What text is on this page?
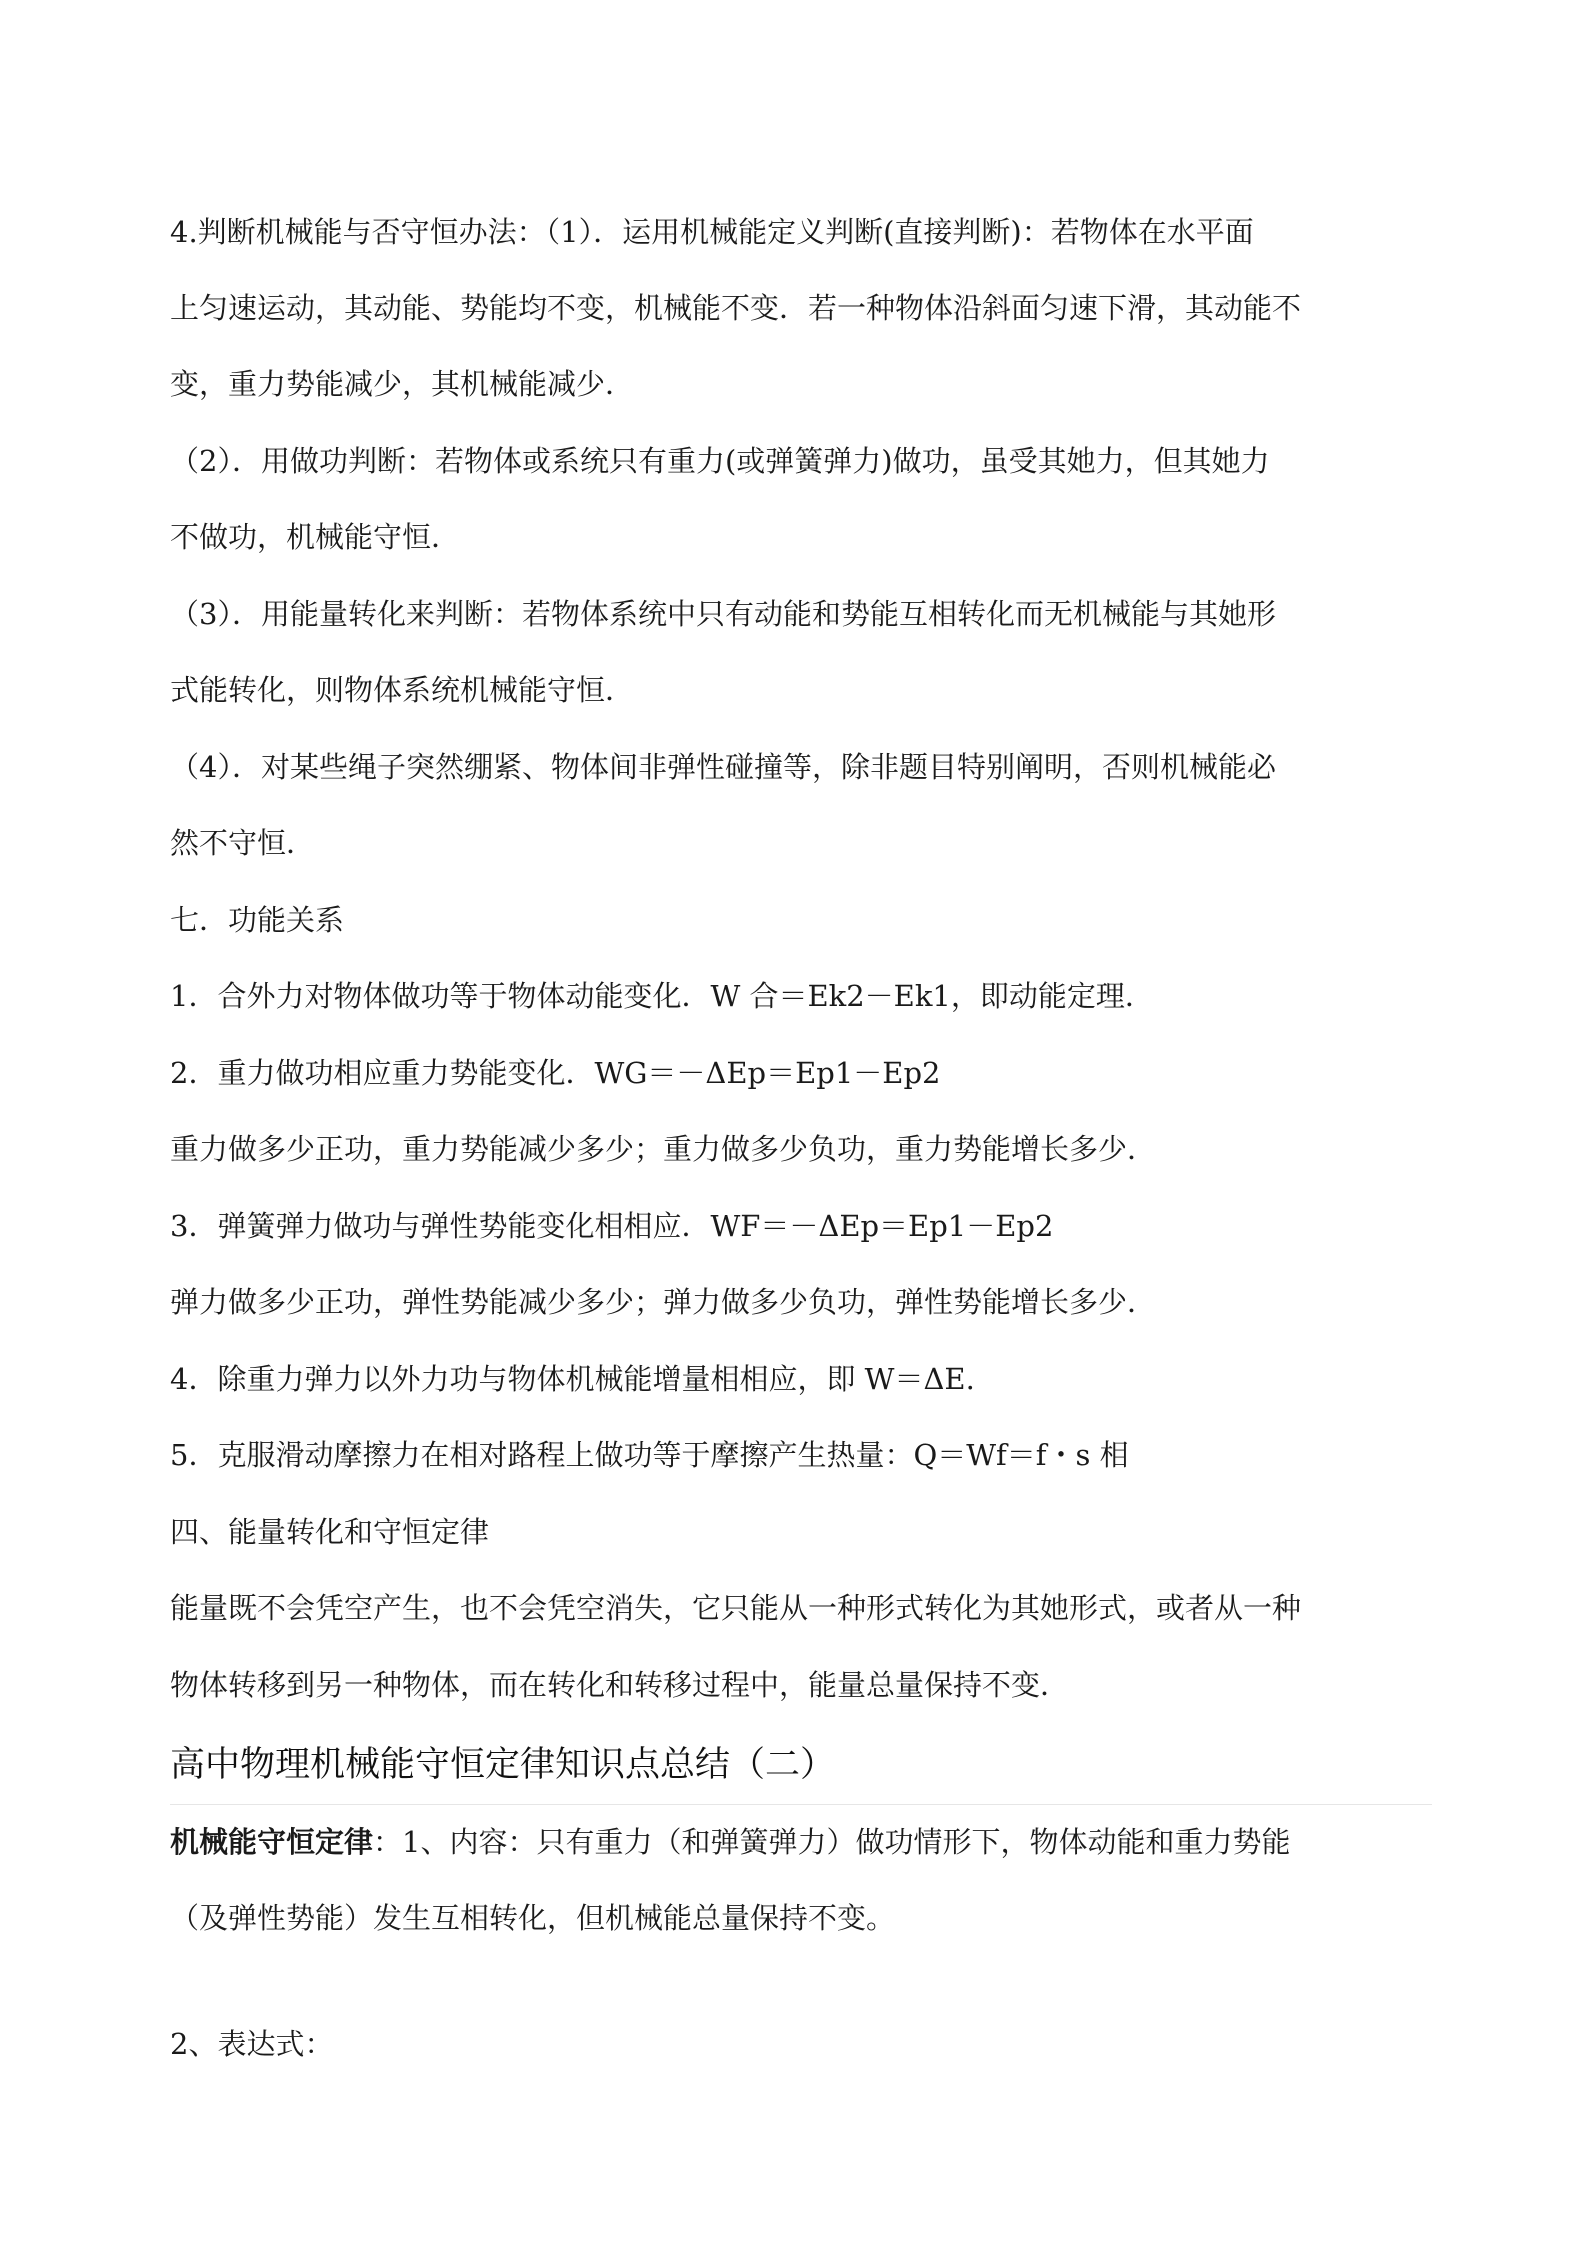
4.判断机械能与否守恒办法：（1）．运用机械能定义判断(直接判断)：若物体在水平面
上匀速运动，其动能、势能均不变，机械能不变．若一种物体沿斜面匀速下滑，其动能不
变，重力势能减少，其机械能减少．
（2）．用做功判断：若物体或系统只有重力(或弹簧弹力)做功，虽受其她力，但其她力
不做功，机械能守恒．
（3）．用能量转化来判断：若物体系统中只有动能和势能互相转化而无机械能与其她形
式能转化，则物体系统机械能守恒．
（4）．对某些绳子突然绷紧、物体间非弹性碰撞等，除非题目特别阐明，否则机械能必
然不守恒．
七．功能关系
1．合外力对物体做功等于物体动能变化．W 合＝Ek2－Ek1，即动能定理．
2．重力做功相应重力势能变化．WG＝－ΔEp＝Ep1－Ep2
重力做多少正功，重力势能减少多少；重力做多少负功，重力势能增长多少．
3．弹簧弹力做功与弹性势能变化相相应．WF＝－ΔEp＝Ep1－Ep2
弹力做多少正功，弹性势能减少多少；弹力做多少负功，弹性势能增长多少．
4．除重力弹力以外力功与物体机械能增量相相应，即 W＝ΔE.
5．克服滑动摩擦力在相对路程上做功等于摩擦产生热量：Q＝Wf＝f・s 相
四、能量转化和守恒定律
能量既不会凭空产生，也不会凭空消失，它只能从一种形式转化为其她形式，或者从一种
物体转移到另一种物体，而在转化和转移过程中，能量总量保持不变．
高中物理机械能守恒定律知识点总结（二）
机械能守恒定律：1、内容：只有重力（和弹簧弹力）做功情形下，物体动能和重力势能
（及弹性势能）发生互相转化，但机械能总量保持不变。
2、表达式：
